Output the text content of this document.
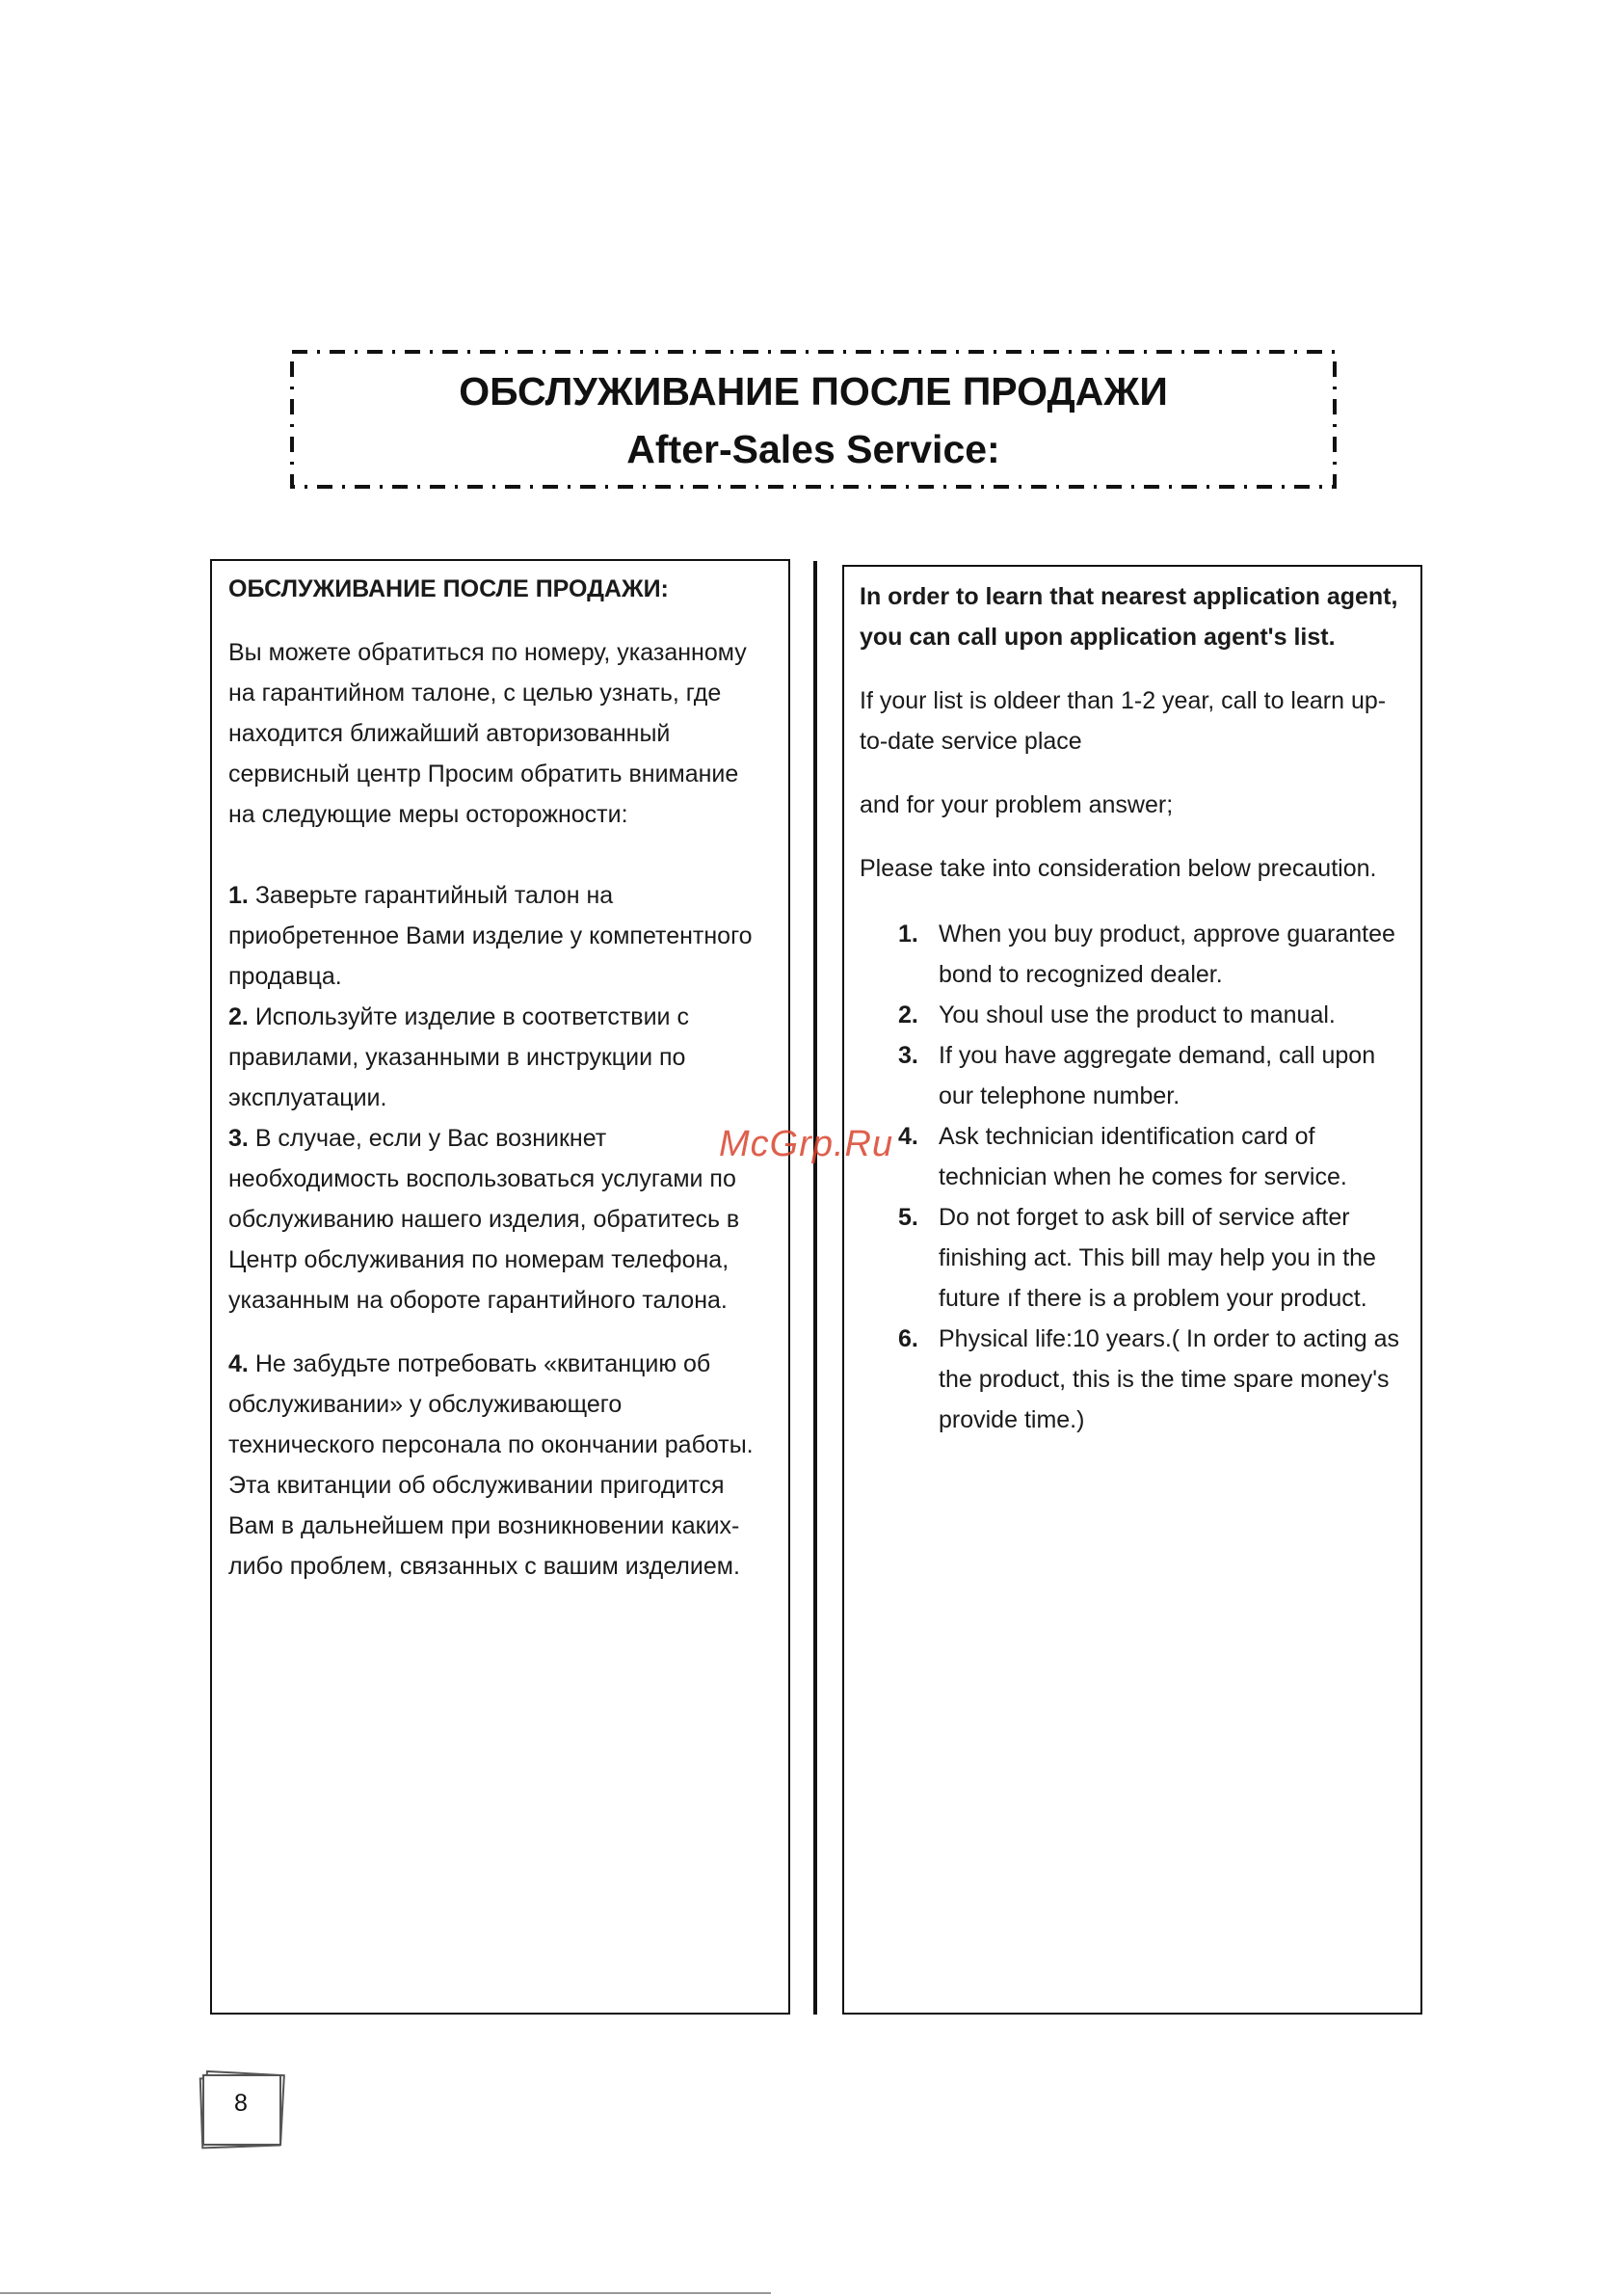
ОБСЛУЖИВАНИЕ ПОСЛЕ ПРОДАЖИ
After-Sales Service:
ОБСЛУЖИВАНИЕ ПОСЛЕ ПРОДАЖИ:
Вы можете обратиться по номеру, указанному
на гарантийном талоне, с целью узнать, где
находится ближайший авторизованный
сервисный центр Просим обратить внимание
на следующие меры осторожности:
1. Заверьте гарантийный талон на
приобретенное Вами изделие у компетентного
продавца.
2. Используйте изделие в соответствии с
правилами, указанными в инструкции по
эксплуатации.
3. В случае, если у Вас возникнет
необходимость воспользоваться услугами по
обслуживанию нашего изделия, обратитесь в
Центр обслуживания по номерам телефона,
указанным на обороте гарантийного талона.
4. Не забудьте потребовать «квитанцию об
обслуживании» у обслуживающего
технического персонала по окончании работы.
Эта квитанции об обслуживании пригодится
Вам в дальнейшем при возникновении каких-
либо проблем, связанных с вашим изделием.
In order to learn that nearest application agent,
you can call upon application agent's list.
If your list is oldeer than 1-2 year, call to learn up-
to-date service place
and for your problem answer;
Please take into consideration below precaution.
1. When you buy product, approve guarantee
bond to recognized dealer.
2. You shoul use the product to manual.
3. If you have aggregate demand, call upon
our telephone number.
4. Ask technician identification card of
technician when he comes for service.
5. Do not forget to ask bill of service after
finishing act. This bill may help you in the
future ıf there is a problem your product.
6. Physical life:10 years.( In order to acting as
the product, this is the time spare money's
provide time.)
McGrp.Ru
8
